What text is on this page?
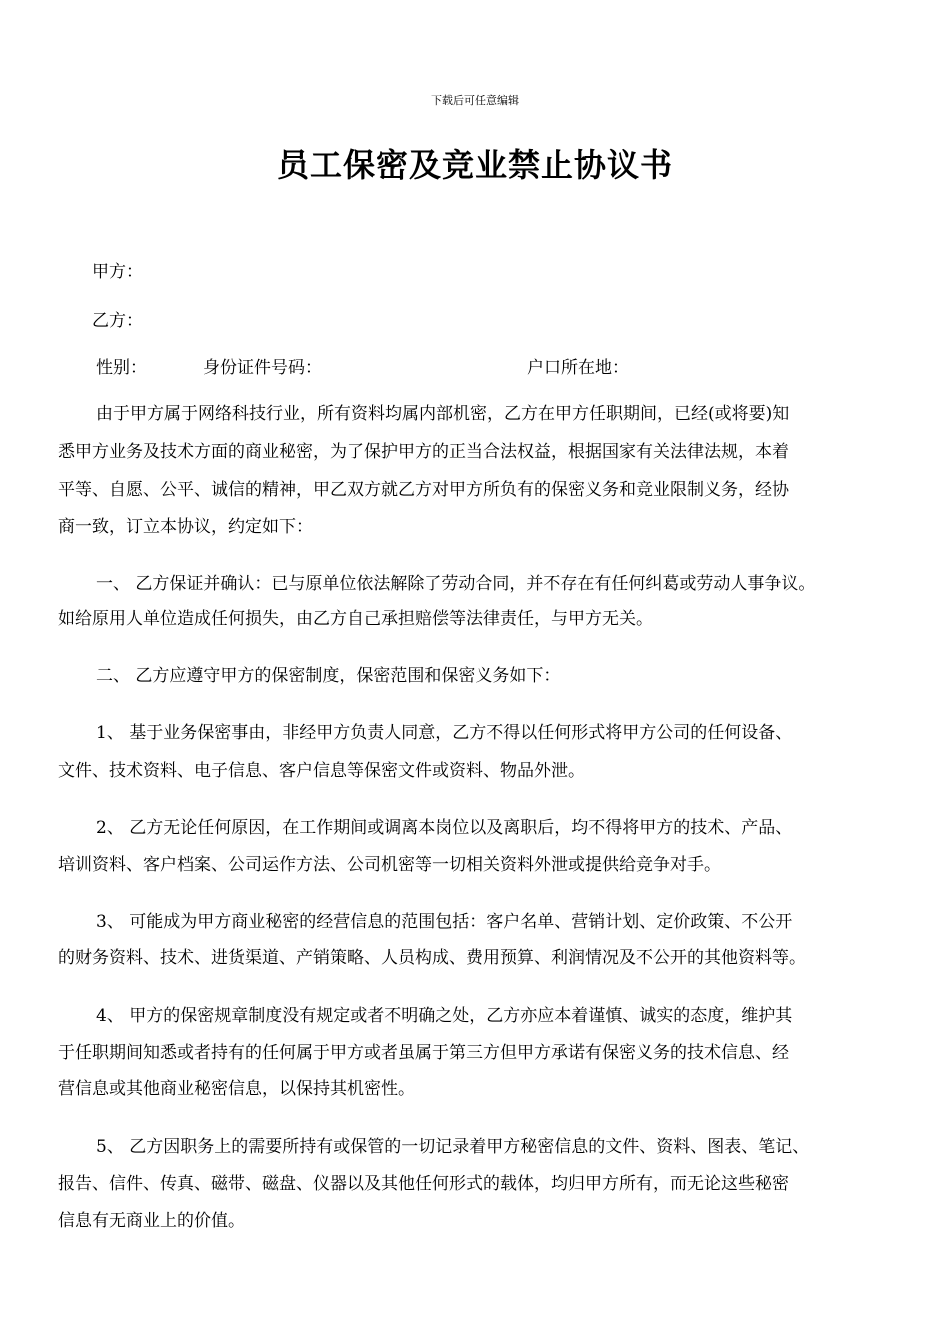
下载后可任意编辑
员工保密及竞业禁止协议书
甲方：
乙方：
性别：	身份证件号码：	户口所在地：
由于甲方属于网络科技行业，所有资料均属内部机密，乙方在甲方任职期间，已经(或将要)知
悉甲方业务及技术方面的商业秘密，为了保护甲方的正当合法权益，根据国家有关法律法规，本着
平等、自愿、公平、诚信的精神，甲乙双方就乙方对甲方所负有的保密义务和竞业限制义务，经协
商一致，订立本协议，约定如下：
一、 乙方保证并确认：已与原单位依法解除了劳动合同，并不存在有任何纠葛或劳动人事争议。
如给原用人单位造成任何损失，由乙方自己承担赔偿等法律责任，与甲方无关。
二、 乙方应遵守甲方的保密制度，保密范围和保密义务如下：
1、 基于业务保密事由，非经甲方负责人同意，乙方不得以任何形式将甲方公司的任何设备、
文件、技术资料、电子信息、客户信息等保密文件或资料、物品外泄。
2、 乙方无论任何原因，在工作期间或调离本岗位以及离职后，均不得将甲方的技术、产品、
培训资料、客户档案、公司运作方法、公司机密等一切相关资料外泄或提供给竞争对手。
3、 可能成为甲方商业秘密的经营信息的范围包括：客户名单、营销计划、定价政策、不公开
的财务资料、技术、进货渠道、产销策略、人员构成、费用预算、利润情况及不公开的其他资料等。
4、 甲方的保密规章制度没有规定或者不明确之处，乙方亦应本着谨慎、诚实的态度，维护其
于任职期间知悉或者持有的任何属于甲方或者虽属于第三方但甲方承诺有保密义务的技术信息、经
营信息或其他商业秘密信息，以保持其机密性。
5、 乙方因职务上的需要所持有或保管的一切记录着甲方秘密信息的文件、资料、图表、笔记、
报告、信件、传真、磁带、磁盘、仪器以及其他任何形式的载体，均归甲方所有，而无论这些秘密
信息有无商业上的价值。
